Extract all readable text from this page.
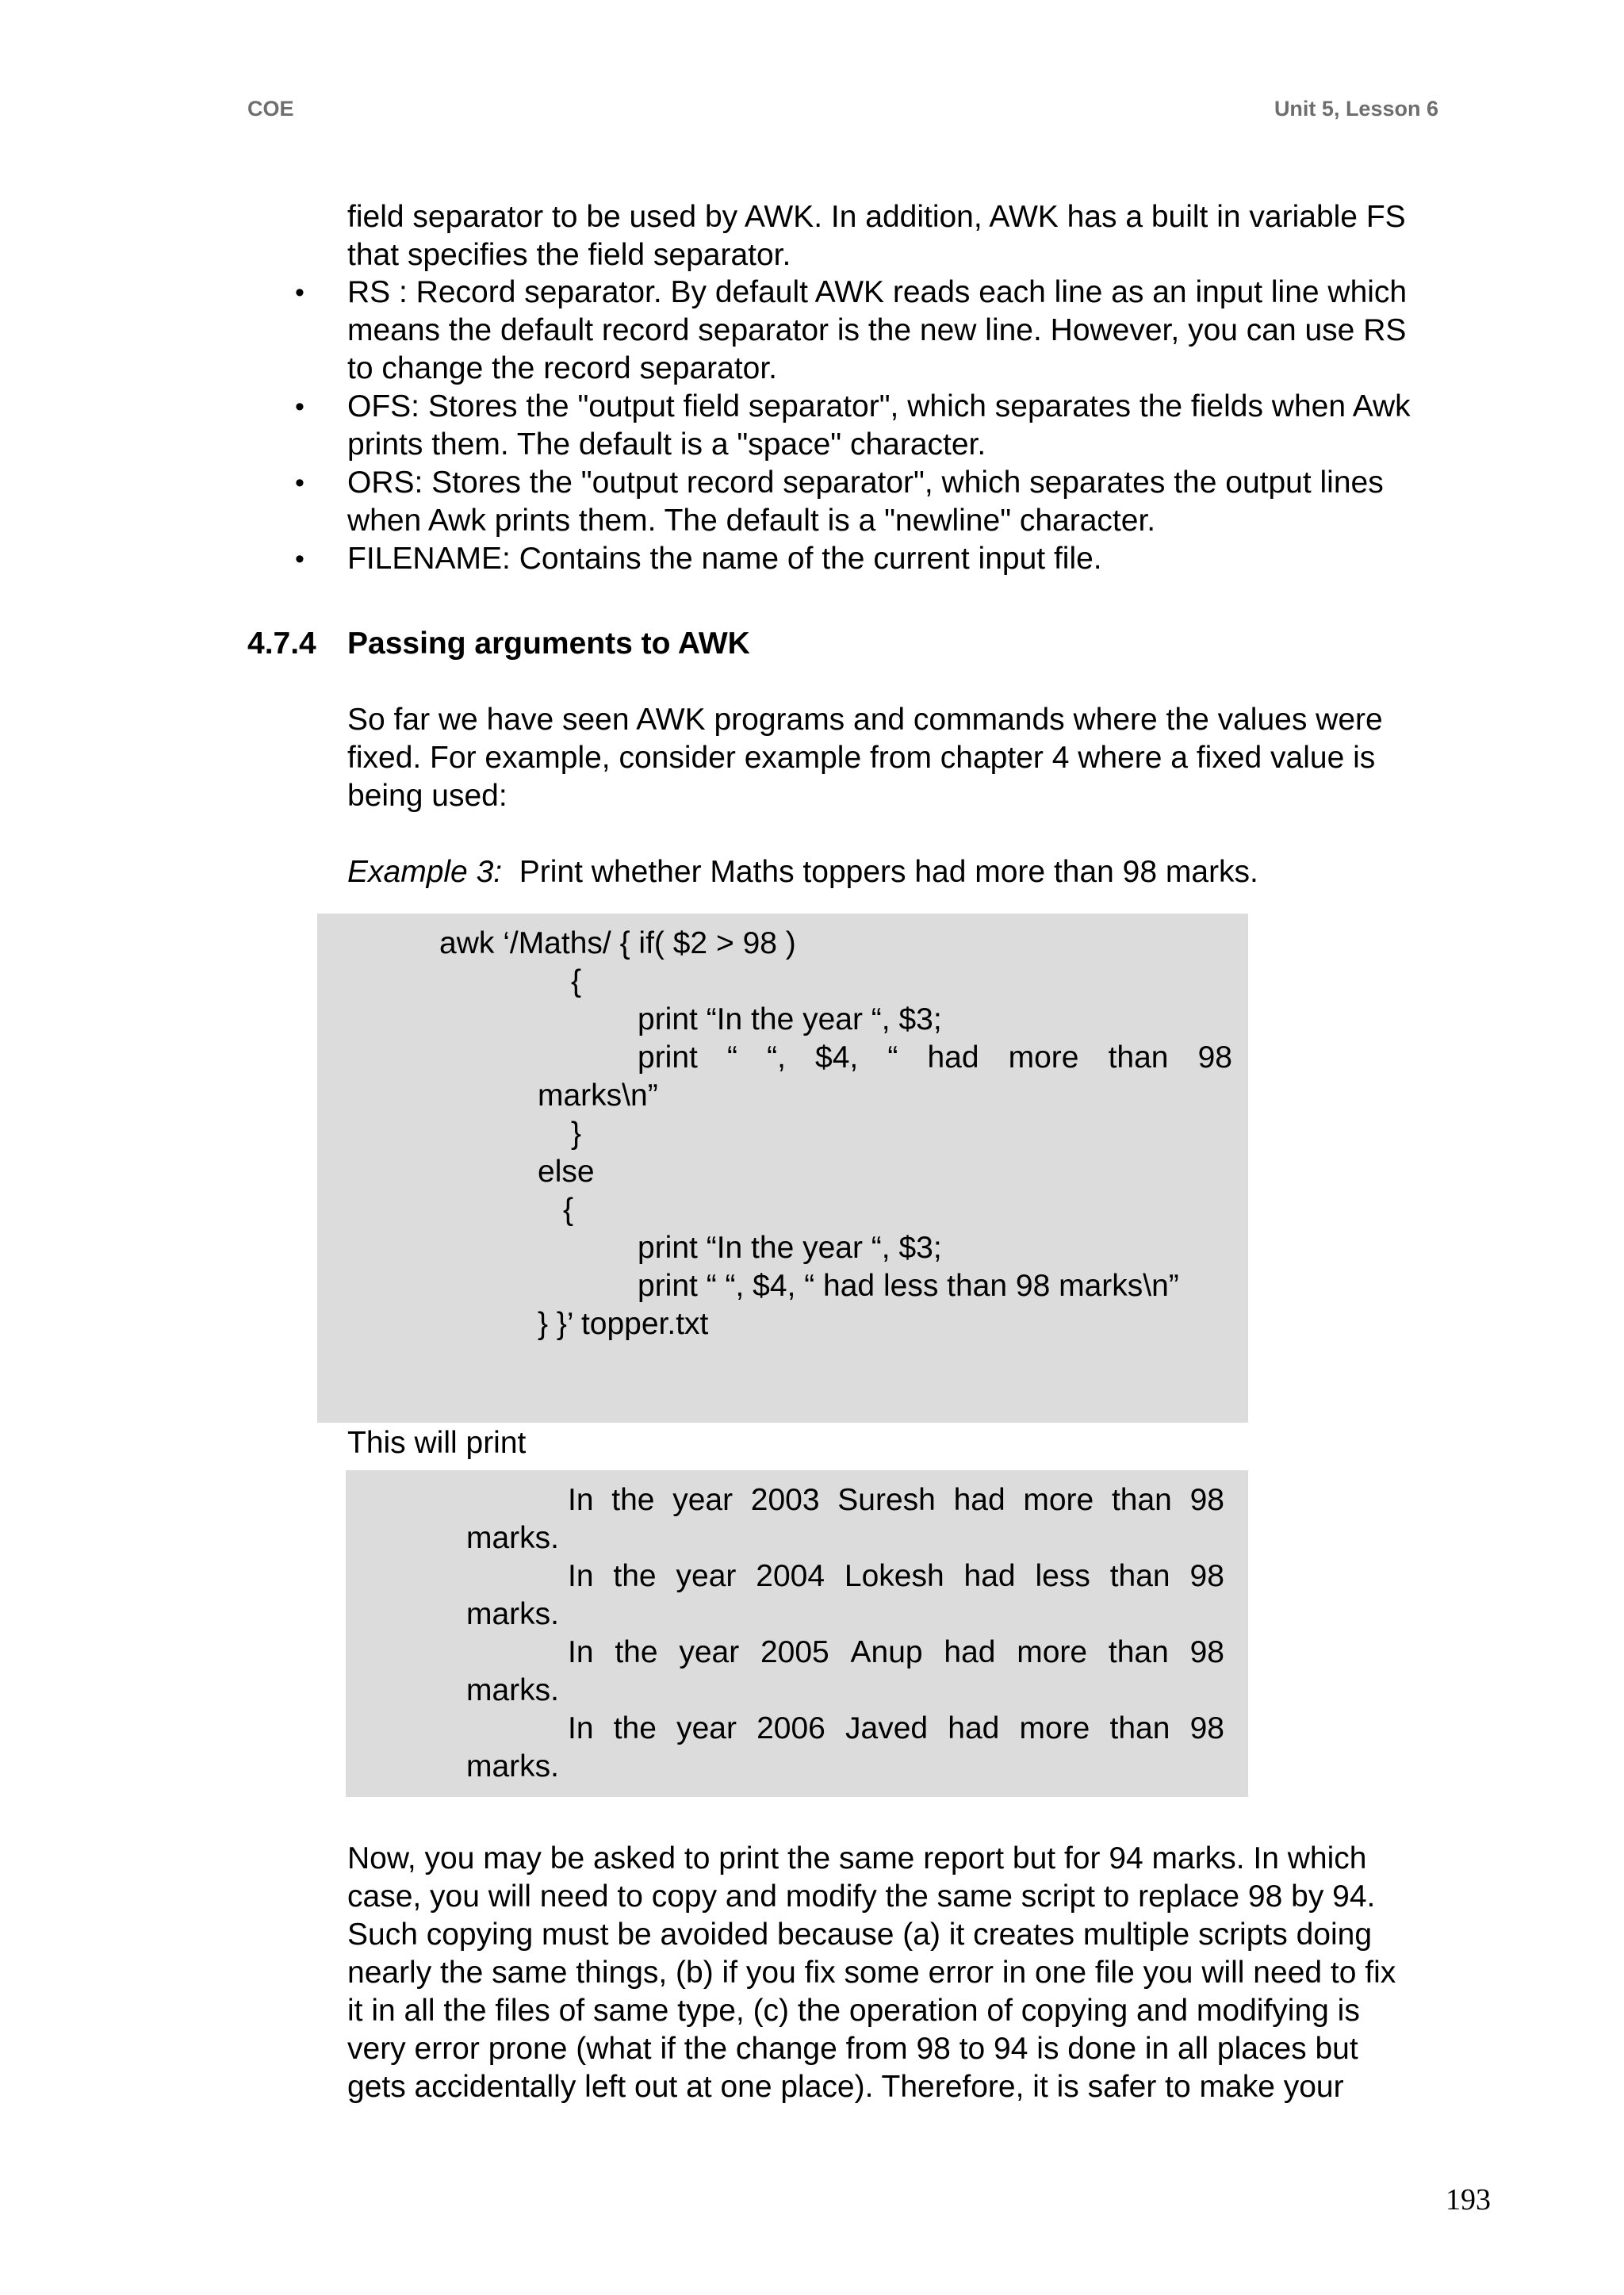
COE	Unit 5, Lesson 6

field separator to be used by AWK. In addition, AWK has a built in variable FS
that specifies the field separator.

• RS : Record separator. By default AWK reads each line as an input line which
means the default record separator is the new line. However, you can use RS
to change the record separator.
• OFS: Stores the "output field separator", which separates the fields when Awk
prints them. The default is a "space" character.
• ORS: Stores the "output record separator", which separates the output lines
when Awk prints them. The default is a "newline" character.
• FILENAME: Contains the name of the current input file.
4.7.4 Passing arguments to AWK

So far we have seen AWK programs and commands where the values were
fixed. For example, consider example from chapter 4 where a fixed value is
being used:

Example 3: Print whether Maths toppers had more than 98 marks.

awk ‘/Maths/ { if( $2 > 98 )
{
print “In the year “, $3;
print “ “, $4, “ had more than 98
marks\n”
}
else
{
print “In the year “, $3;
print “ “, $4, “ had less than 98 marks\n”
} }’ topper.txt

This will print

In the year 2003 Suresh had more than 98
marks.
In the year 2004 Lokesh had less than 98
marks.
In the year 2005 Anup had more than 98
marks.
In the year 2006 Javed had more than 98
marks.

Now, you may be asked to print the same report but for 94 marks. In which
case, you will need to copy and modify the same script to replace 98 by 94.
Such copying must be avoided because (a) it creates multiple scripts doing
nearly the same things, (b) if you fix some error in one file you will need to fix
it in all the files of same type, (c) the operation of copying and modifying is
very error prone (what if the change from 98 to 94 is done in all places but
gets accidentally left out at one place). Therefore, it is safer to make your

193
